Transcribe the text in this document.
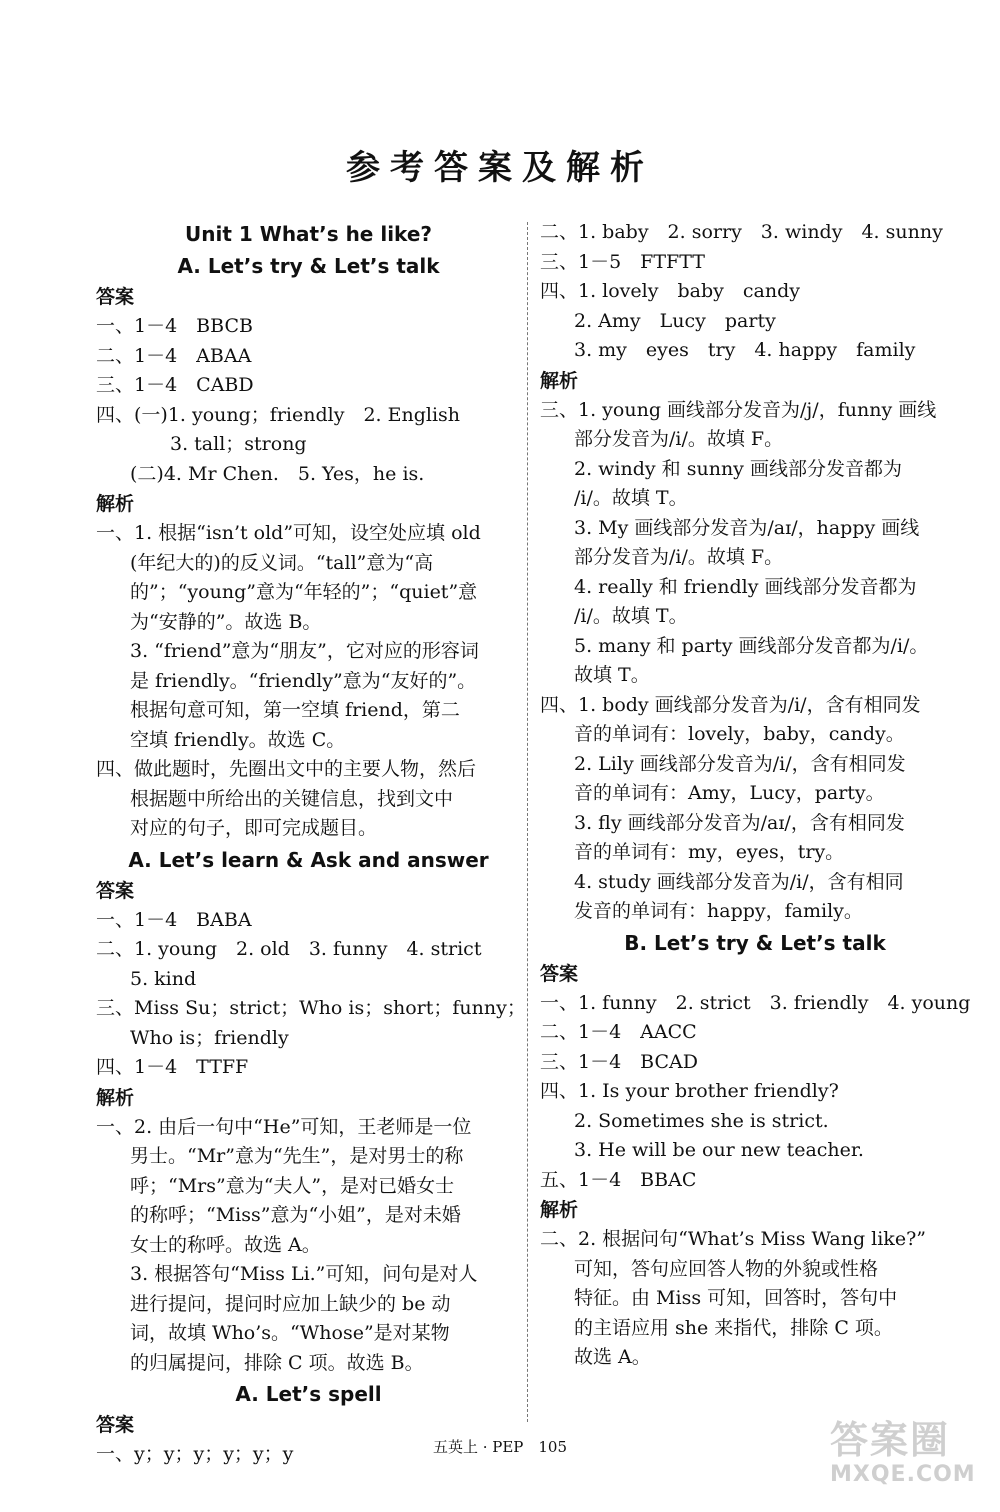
参考答案及解析
Unit 1 What’s he like?
A. Let’s try & Let’s talk
答案
一、1－4　BBCB
二、1－4　ABAA
三、1－4　CABD
四、(一)1. young；friendly　2. English
3. tall；strong
(二)4. Mr Chen.　5. Yes，he is.
解析
一、1. 根据“isn’t old”可知，设空处应填 old
(年纪大的)的反义词。“tall”意为“高
的”；“young”意为“年轻的”；“quiet”意
为“安静的”。故选 B。
3. “friend”意为“朋友”，它对应的形容词
是 friendly。“friendly”意为“友好的”。
根据句意可知，第一空填 friend，第二
空填 friendly。故选 C。
四、做此题时，先圈出文中的主要人物，然后
根据题中所给出的关键信息，找到文中
对应的句子，即可完成题目。
A. Let’s learn & Ask and answer
答案
一、1－4　BABA
二、1. young　2. old　3. funny　4. strict
5. kind
三、Miss Su；strict；Who is；short；funny；
Who is；friendly
四、1－4　TTFF
解析
一、2. 由后一句中“He”可知，王老师是一位
男士。“Mr”意为“先生”，是对男士的称
呼；“Mrs”意为“夫人”，是对已婚女士
的称呼；“Miss”意为“小姐”，是对未婚
女士的称呼。故选 A。
3. 根据答句“Miss Li.”可知，问句是对人
进行提问，提问时应加上缺少的 be 动
词，故填 Who’s。“Whose”是对某物
的归属提问，排除 C 项。故选 B。
A. Let’s spell
答案
一、y；y；y；y；y；y
二、1. baby　2. sorry　3. windy　4. sunny
三、1－5　FTFTT
四、1. lovely　baby　candy
2. Amy　Lucy　party
3. my　eyes　try　4. happy　family
解析
三、1. young 画线部分发音为/j/，funny 画线
部分发音为/i/。故填 F。
2. windy 和 sunny 画线部分发音都为
/i/。故填 T。
3. My 画线部分发音为/aɪ/，happy 画线
部分发音为/i/。故填 F。
4. really 和 friendly 画线部分发音都为
/i/。故填 T。
5. many 和 party 画线部分发音都为/i/。
故填 T。
四、1. body 画线部分发音为/i/，含有相同发
音的单词有：lovely，baby，candy。
2. Lily 画线部分发音为/i/，含有相同发
音的单词有：Amy，Lucy，party。
3. fly 画线部分发音为/aɪ/，含有相同发
音的单词有：my，eyes，try。
4. study 画线部分发音为/i/，含有相同
发音的单词有：happy，family。
B. Let’s try & Let’s talk
答案
一、1. funny　2. strict　3. friendly　4. young
二、1－4　AACC
三、1－4　BCAD
四、1. Is your brother friendly?
2. Sometimes she is strict.
3. He will be our new teacher.
五、1－4　BBAC
解析
二、2. 根据问句“What’s Miss Wang like?”
可知，答句应回答人物的外貌或性格
特征。由 Miss 可知，回答时，答句中
的主语应用 she 来指代，排除 C 项。
故选 A。
五英上 · PEP　105	答案圈
MXQE.COM
